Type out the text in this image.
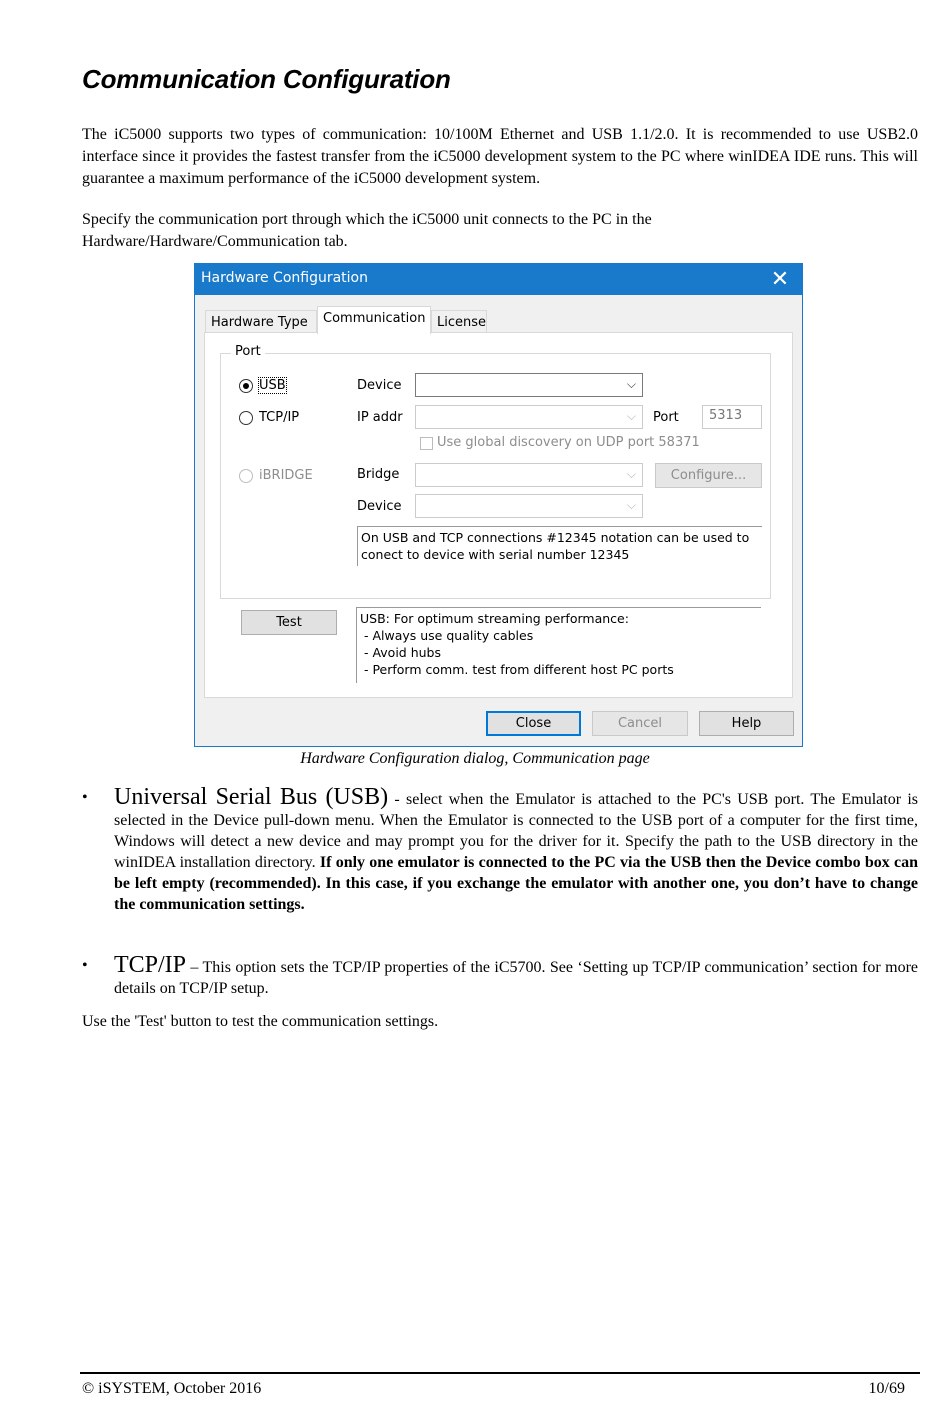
Communication Configuration

The iC5000 supports two types of communication: 10/100M Ethernet and USB 1.1/2.0. It is recommended to use USB2.0 interface since it provides the fastest transfer from the iC5000 development system to the PC where winIDEA IDE runs. This will guarantee a maximum performance of the iC5000 development system.

Specify the communication port through which the iC5000 unit connects to the PC in the
Hardware/Hardware/Communication tab.

Hardware Configuration	✕
Hardware Type	Communication License
Port
USB	Device	⌵
TCP/IP	IP addr	⌵ Port	5313
Use global discovery on UDP port 58371
iBRIDGE	Bridge	⌵	Configure...
Device	⌵
On USB and TCP connections #12345 notation can be used to
conect to device with serial number 12345
Test	USB: For optimum streaming performance:
- Always use quality cables
- Avoid hubs
- Perform comm. test from different host PC ports
Close	Cancel	Help

Hardware Configuration dialog, Communication page

•	Universal Serial Bus (USB) - select when the Emulator is attached to the PC's USB port. The Emulator is selected in the Device pull-down menu. When the Emulator is connected to the USB port of a computer for the first time, Windows will detect a new device and may prompt you for the driver for it. Specify the path to the USB directory in the winIDEA installation directory. If only one emulator is connected to the PC via the USB then the Device combo box can be left empty (recommended). In this case, if you exchange the emulator with another one, you don’t have to change the communication settings.
•	TCP/IP – This option sets the TCP/IP properties of the iC5700. See ‘Setting up TCP/IP communication’ section for more details on TCP/IP setup.

Use the 'Test' button to test the communication settings.

© iSYSTEM, October 2016	10/69
